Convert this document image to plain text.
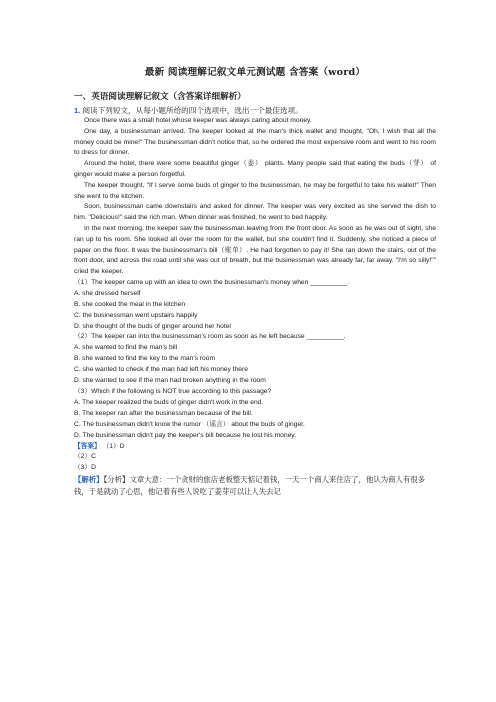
最新 阅读理解记叙文单元测试题 含答案（word）
一、英语阅读理解记叙文（含答案详细解析）
1. 阅读下列短文，从每小题所给的四个选项中，选出一个最佳选项。

Once there was a small hotel whose keeper was always caring about money.

One day, a businessman arrived. The keeper looked at the man's thick wallet and thought, "Oh, I wish that all the money could be mine!" The businessman didn't notice that, so he ordered the most expensive room and went to his room to dress for dinner.

Around the hotel, there were some beautiful ginger（姜） plants. Many people said that eating the buds（芽） of ginger would make a person forgetful.

The keeper thought, "If I serve some buds of ginger to the businessman, he may be forgetful to take his wallet!" Then she went to the kitchen.

Soon, businessman came downstairs and asked for dinner. The keeper was very excited as she served the dish to him. "Delicious!" said the rich man. When dinner was finished, he went to bed happily.

In the next morning, the keeper saw the businessman leaving from the front door. As soon as he was out of sight, she ran up to his room. She looked all over the room for the wallet, but she couldn't find it. Suddenly, she noticed a piece of paper on the floor. It was the businessman's bill（账单）. He had forgotten to pay it! She ran down the stairs, out of the front door, and across the road until she was out of breath, but the businessman was already far, far away. "I'm so silly!"" cried the keeper.

（1）The keeper came up with an idea to own the businessman's money when __________.
A. she dressed herself
B. she cooked the meal in the kitchen
C. the businessman went upstairs happily
D. she thought of the buds of ginger around her hotel
（2）The keeper ran into the businessman's room as soon as he left because __________.
A. she wanted to find the man's bill
B. she wanted to find the key to the man's room
C. she wanted to check if the man had left his money there
D. she wanted to see if the man had broken anything in the room
（3）Which if the following is NOT true according to this passage?
A. The keeper realized the buds of ginger didn't work in the end.
B. The keeper ran after the businessman because of the bill.
C. The businessman didn't know the rumor （谣言） about the buds of ginger.
D. The businessman didn't pay the keeper's bill because he lost his money.
【答案】 （1）D
（2）C
（3）D
【解析】【分析】文章大意：一个贪财的旅店老板整天惦记着钱，一天一个商人来住店了，他认为商人有很多钱，于是就动了心思，他记着有些人说吃了姜芽可以让人失去记
